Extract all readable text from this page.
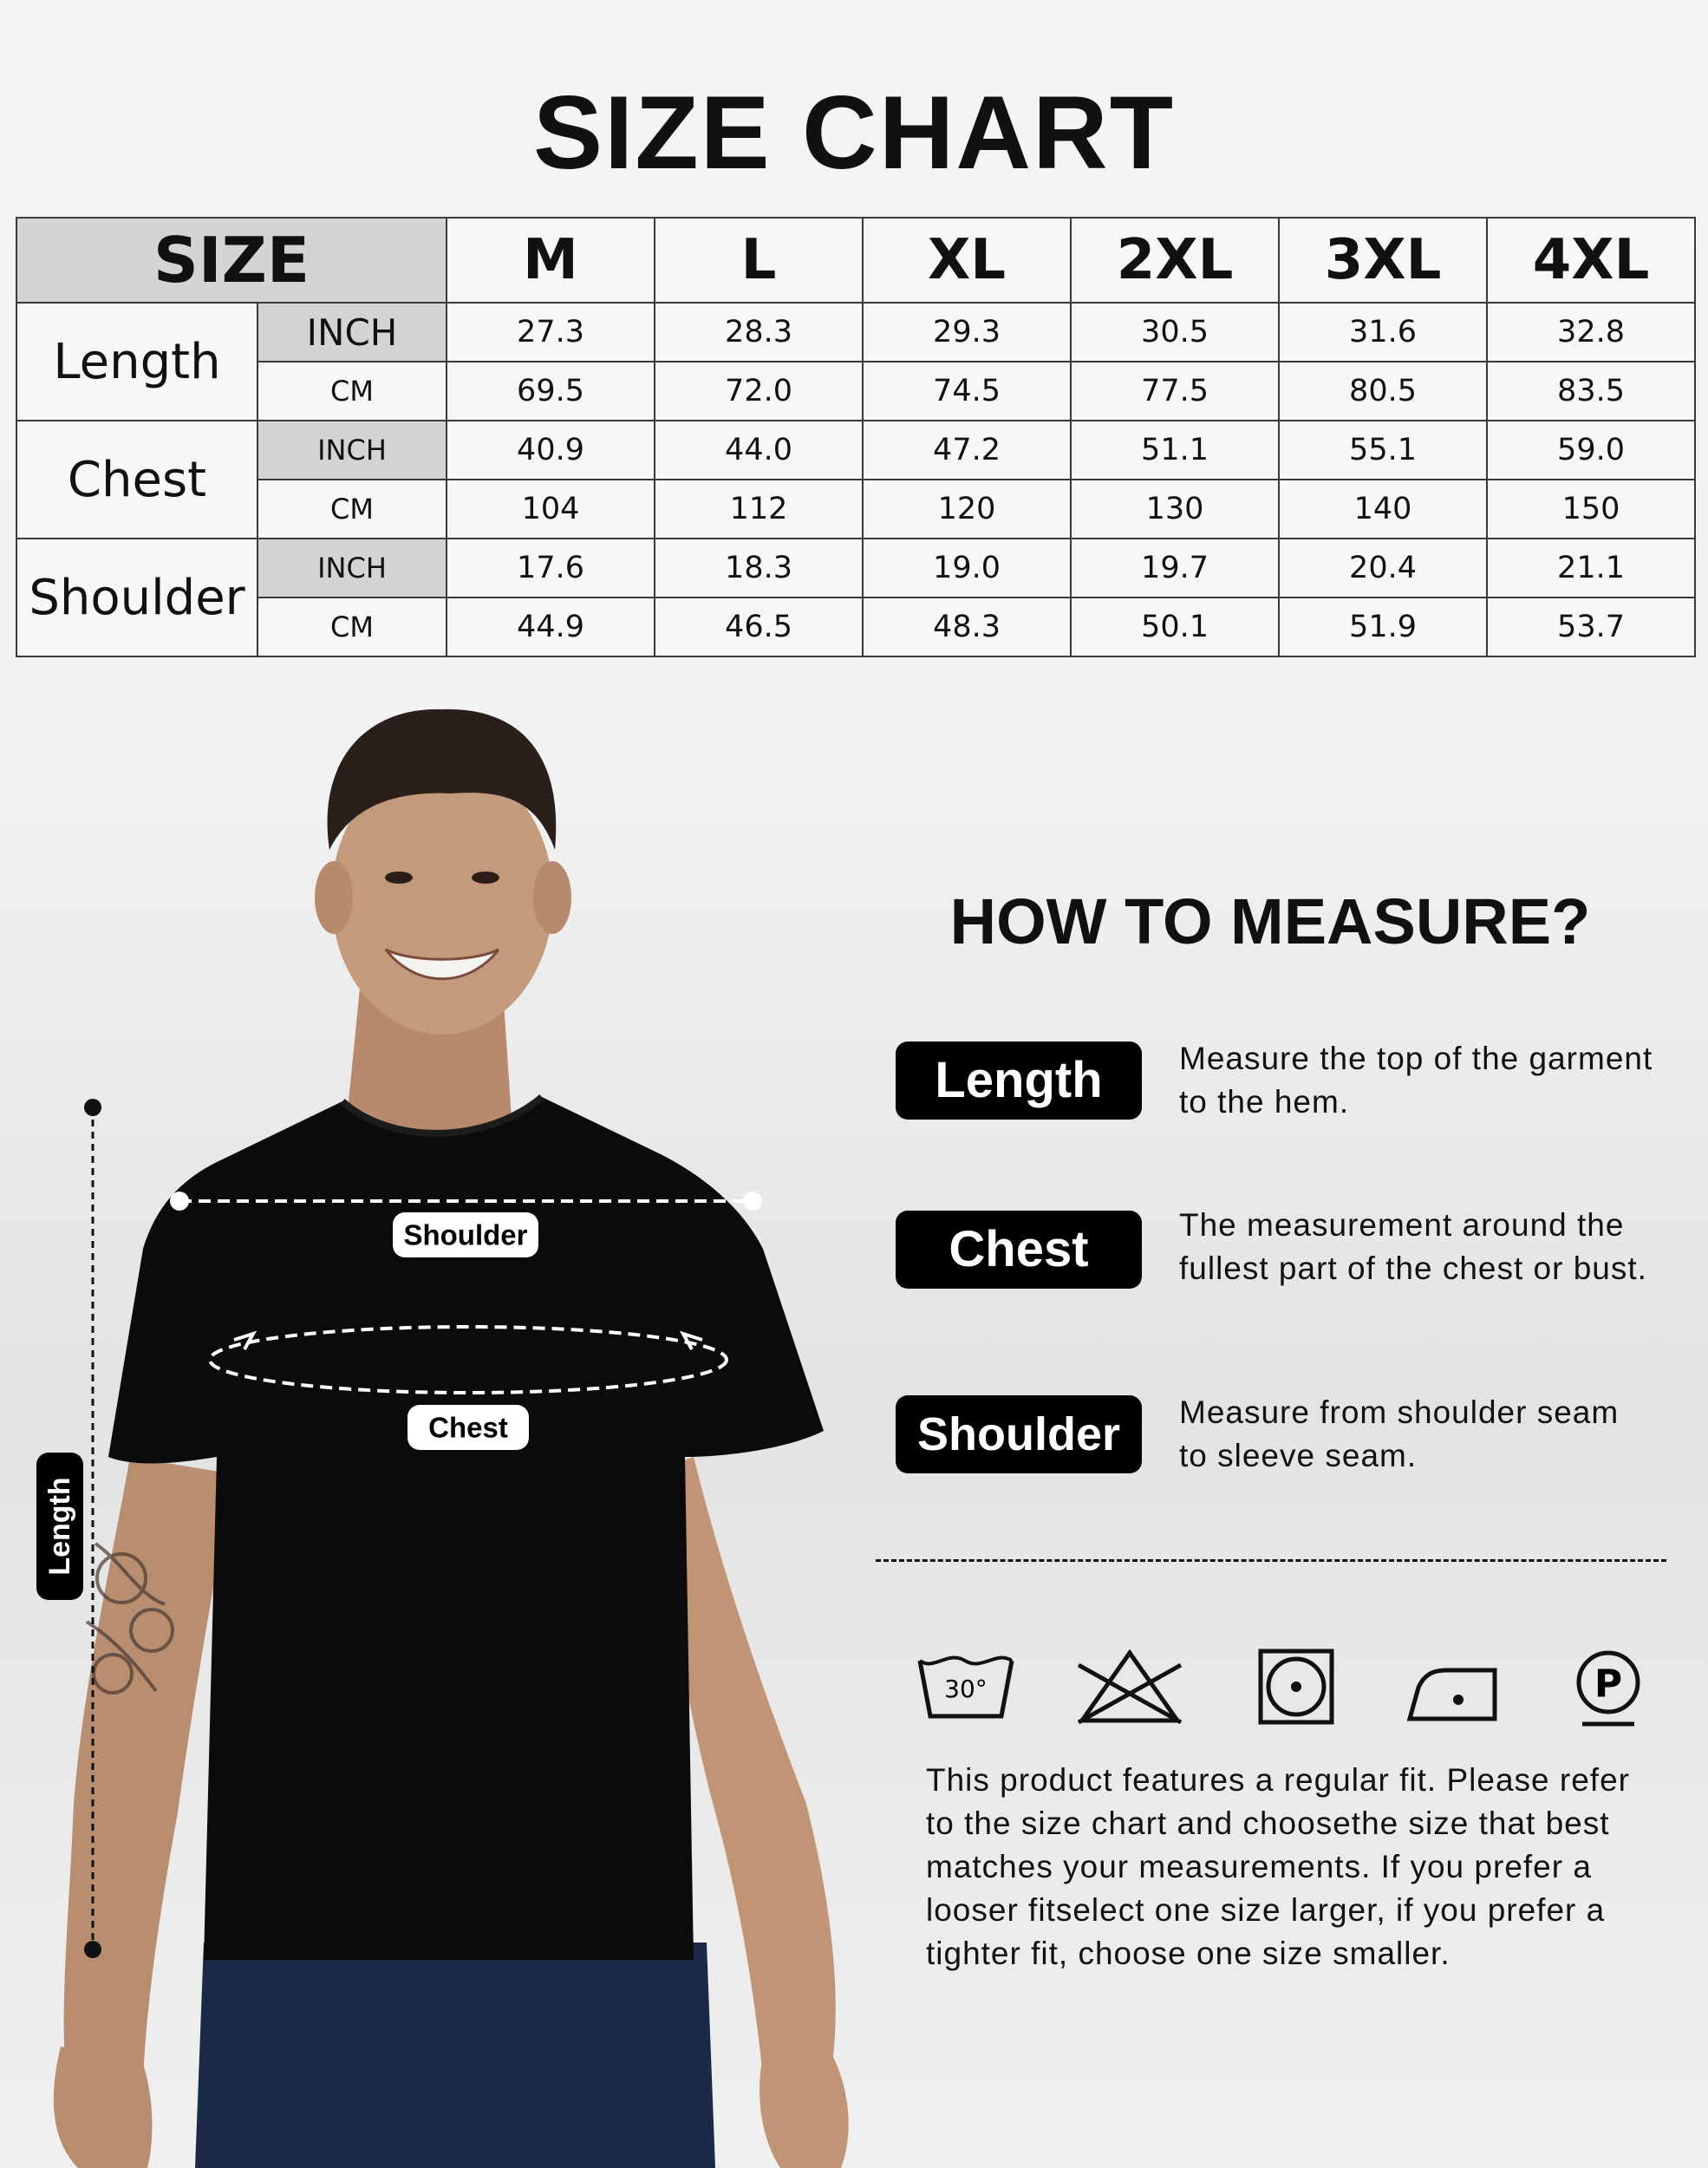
SIZE CHART
SIZE		M	L	XL	2XL	3XL	4XL
Length	INCH	27.3	28.3	29.3	30.5	31.6	32.8
	CM	69.5	72.0	74.5	77.5	80.5	83.5
Chest	INCH	40.9	44.0	47.2	51.1	55.1	59.0
	CM	104	112	120	130	140	150
Shoulder	INCH	17.6	18.3	19.0	19.7	20.4	21.1
	CM	44.9	46.5	48.3	50.1	51.9	53.7
Length
Shoulder
Chest
HOW TO MEASURE?
Length	Measure the top of the garment
to the hem.
Chest	The measurement around the
fullest part of the chest or bust.
Shoulder	Measure from shoulder seam
to sleeve seam.
30°	P
This product features a regular fit. Please refer
to the size chart and choosethe size that best
matches your measurements. If you prefer a
looser fitselect one size larger, if you prefer a
tighter fit, choose one size smaller.
